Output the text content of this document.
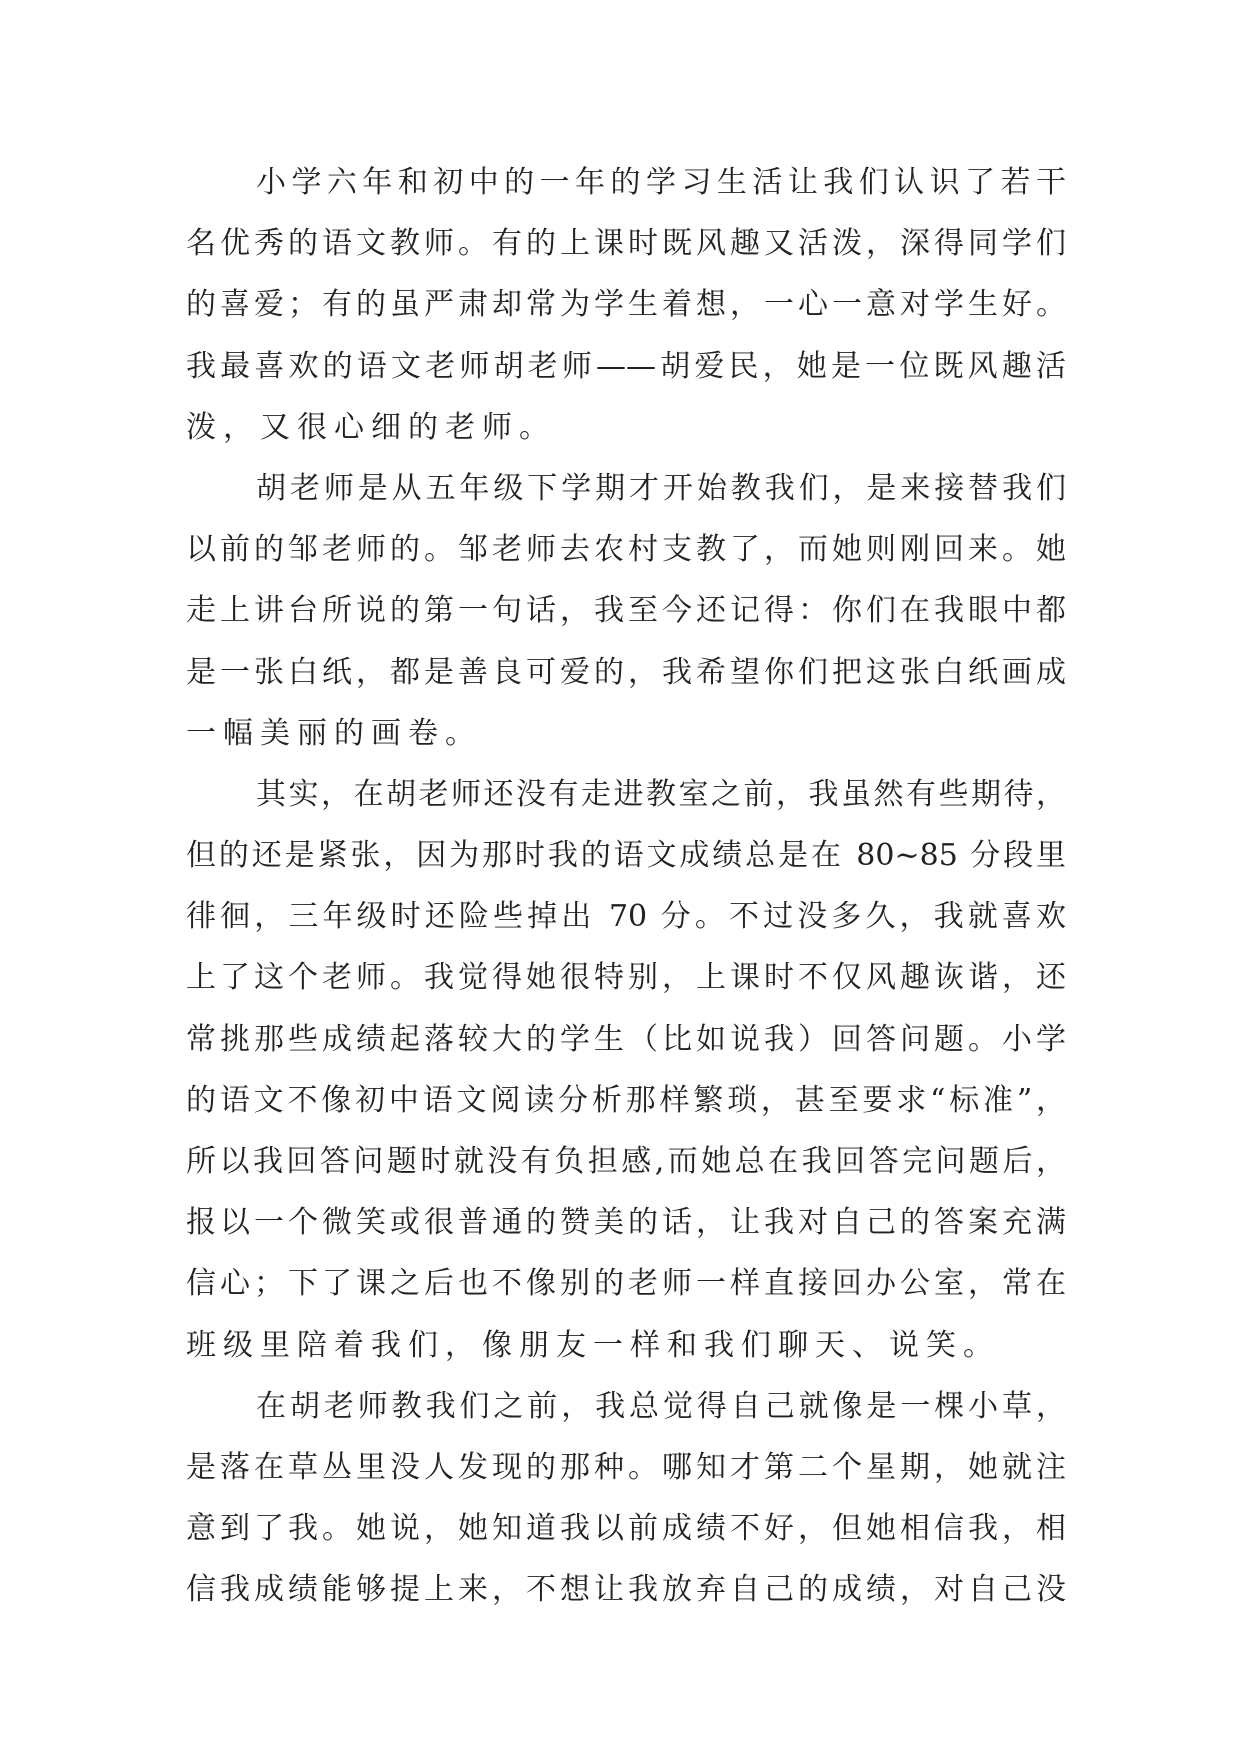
小学六年和初中的一年的学习生活让我们认识了若干
名优秀的语文教师。有的上课时既风趣又活泼，深得同学们
的喜爱；有的虽严肃却常为学生着想，一心一意对学生好。
我最喜欢的语文老师胡老师——胡爱民，她是一位既风趣活
泼，又很心细的老师。
胡老师是从五年级下学期才开始教我们，是来接替我们
以前的邹老师的。邹老师去农村支教了，而她则刚回来。她
走上讲台所说的第一句话，我至今还记得：你们在我眼中都
是一张白纸，都是善良可爱的，我希望你们把这张白纸画成
一幅美丽的画卷。
其实，在胡老师还没有走进教室之前，我虽然有些期待，
但的还是紧张，因为那时我的语文成绩总是在 80~85 分段里
徘徊，三年级时还险些掉出 70 分。不过没多久，我就喜欢
上了这个老师。我觉得她很特别，上课时不仅风趣诙谐，还
常挑那些成绩起落较大的学生（比如说我）回答问题。小学
的语文不像初中语文阅读分析那样繁琐，甚至要求“标准”，
所以我回答问题时就没有负担感,而她总在我回答完问题后，
报以一个微笑或很普通的赞美的话，让我对自己的答案充满
信心；下了课之后也不像别的老师一样直接回办公室，常在
班级里陪着我们，像朋友一样和我们聊天、说笑。
在胡老师教我们之前，我总觉得自己就像是一棵小草，
是落在草丛里没人发现的那种。哪知才第二个星期，她就注
意到了我。她说，她知道我以前成绩不好，但她相信我，相
信我成绩能够提上来，不想让我放弃自己的成绩，对自己没
